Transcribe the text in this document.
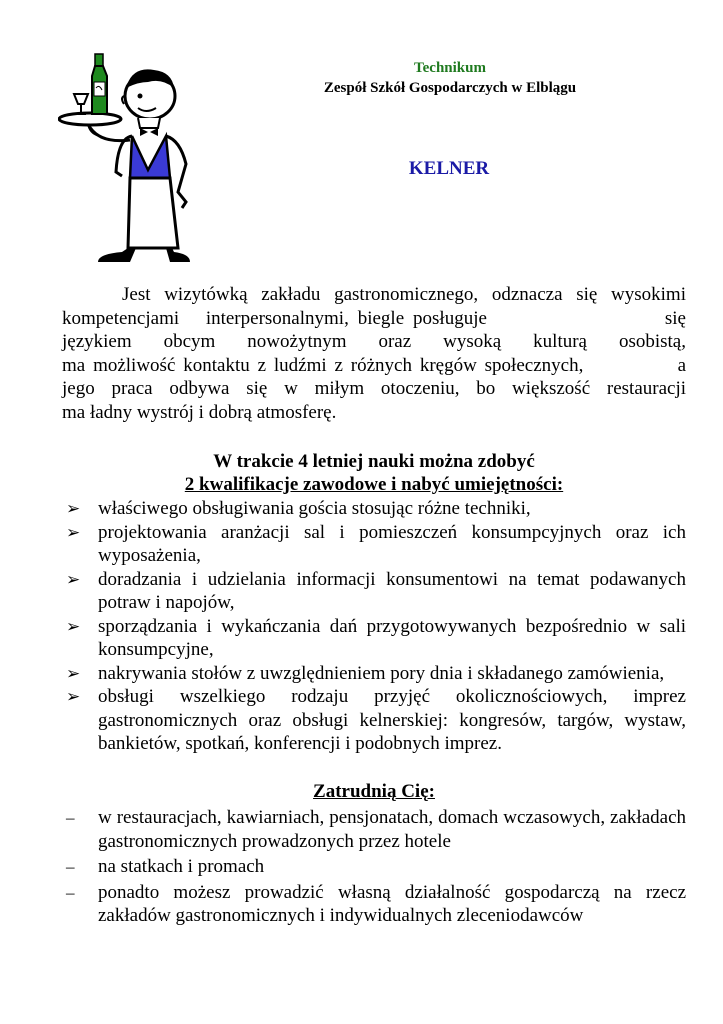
Technikum
Zespół Szkół Gospodarczych w Elblągu
KELNER
Jest wizytówką zakładu gastronomicznego, odznacza się wysokimi
kompetencjami   interpersonalnymi, biegle posługuje                    się
językiem    obcym    nowożytnym    oraz    wysoką    kulturą    osobistą,
ma możliwość kontaktu z ludźmi z różnych kręgów społecznych,            a
jego praca odbywa się w miłym otoczeniu, bo większość restauracji
ma ładny wystrój i dobrą atmosferę.
W trakcie 4 letniej nauki można zdobyć
2 kwalifikacje zawodowe i nabyć umiejętności:
➢ właściwego obsługiwania gościa stosując różne techniki,
➢ projektowania aranżacji sal i pomieszczeń konsumpcyjnych oraz ich wyposażenia,
➢ doradzania i udzielania informacji konsumentowi na temat podawanych potraw i napojów,
➢ sporządzania i wykańczania dań przygotowywanych bezpośrednio w sali konsumpcyjne,
➢ nakrywania stołów z uwzględnieniem pory dnia i składanego zamówienia,
➢ obsługi wszelkiego rodzaju przyjęć okolicznościowych, imprez gastronomicznych oraz obsługi kelnerskiej: kongresów, targów, wystaw, bankietów, spotkań, konferencji i podobnych imprez.
Zatrudnią Cię:
– w restauracjach, kawiarniach, pensjonatach, domach wczasowych, zakładach gastronomicznych prowadzonych przez hotele
– na statkach i promach
– ponadto możesz prowadzić własną działalność gospodarczą na rzecz zakładów gastronomicznych i indywidualnych zleceniodawców
